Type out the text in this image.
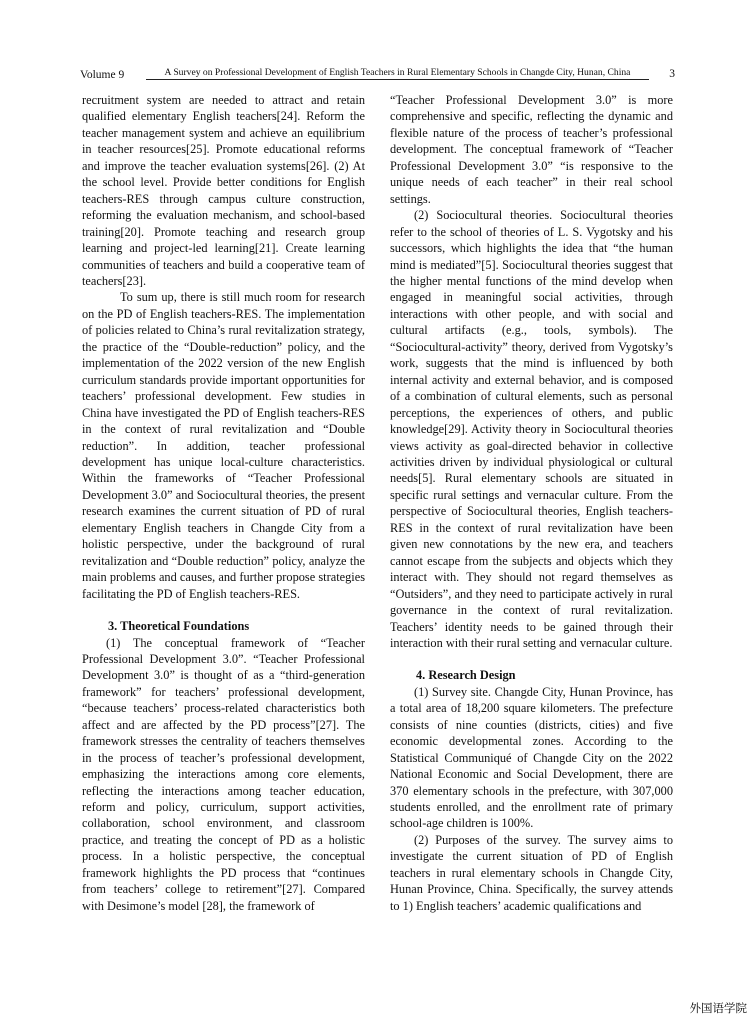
Volume 9	A Survey on Professional Development of English Teachers in Rural Elementary Schools in Changde City, Hunan, China	3

recruitment system are needed to attract and retain qualified elementary English teachers[24]. Reform the teacher management system and achieve an equilibrium in teacher resources[25]. Promote educational reforms and improve the teacher evaluation systems[26]. (2) At the school level. Provide better conditions for English teachers-RES through campus culture construction, reforming the evaluation mechanism, and school-based training[20]. Promote teaching and research group learning and project-led learning[21]. Create learning communities of teachers and build a cooperative team of teachers[23].

To sum up, there is still much room for research on the PD of English teachers-RES. The implementation of policies related to China’s rural revitalization strategy, the practice of the “Double-reduction” policy, and the implementation of the 2022 version of the new English curriculum standards provide important opportunities for teachers’ professional development. Few studies in China have investigated the PD of English teachers-RES in the context of rural revitalization and “Double reduction”. In addition, teacher professional development has unique local-culture characteristics. Within the frameworks of “Teacher Professional Development 3.0” and Sociocultural theories, the present research examines the current situation of PD of rural elementary English teachers in Changde City from a holistic perspective, under the background of rural revitalization and “Double reduction” policy, analyze the main problems and causes, and further propose strategies facilitating the PD of English teachers-RES.

3. Theoretical Foundations

(1) The conceptual framework of “Teacher Professional Development 3.0”. “Teacher Professional Development 3.0” is thought of as a “third-generation framework” for teachers’ professional development, “because teachers’ process-related characteristics both affect and are affected by the PD process”[27]. The framework stresses the centrality of teachers themselves in the process of teacher’s professional development, emphasizing the interactions among core elements, reflecting the interactions among teacher education, reform and policy, curriculum, support activities, collaboration, school environment, and classroom practice, and treating the concept of PD as a holistic process. In a holistic perspective, the conceptual framework highlights the PD process that “continues from teachers’ college to retirement”[27]. Compared with Desimone’s model [28], the framework of

“Teacher Professional Development 3.0” is more comprehensive and specific, reflecting the dynamic and flexible nature of the process of teacher’s professional development. The conceptual framework of “Teacher Professional Development 3.0” “is responsive to the unique needs of each teacher” in their real school settings.

(2) Sociocultural theories. Sociocultural theories refer to the school of theories of L. S. Vygotsky and his successors, which highlights the idea that “the human mind is mediated”[5]. Sociocultural theories suggest that the higher mental functions of the mind develop when engaged in meaningful social activities, through interactions with other people, and with social and cultural artifacts (e.g., tools, symbols). The “Sociocultural-activity” theory, derived from Vygotsky’s work, suggests that the mind is influenced by both internal activity and external behavior, and is composed of a combination of cultural elements, such as personal perceptions, the experiences of others, and public knowledge[29]. Activity theory in Sociocultural theories views activity as goal-directed behavior in collective activities driven by individual physiological or cultural needs[5]. Rural elementary schools are situated in specific rural settings and vernacular culture. From the perspective of Sociocultural theories, English teachers-RES in the context of rural revitalization have been given new connotations by the new era, and teachers cannot escape from the subjects and objects which they interact with. They should not regard themselves as “Outsiders”, and they need to participate actively in rural governance in the context of rural revitalization. Teachers’ identity needs to be gained through their interaction with their rural setting and vernacular culture.

4. Research Design

(1) Survey site. Changde City, Hunan Province, has a total area of 18,200 square kilometers. The prefecture consists of nine counties (districts, cities) and five economic developmental zones. According to the Statistical Communiqué of Changde City on the 2022 National Economic and Social Development, there are 370 elementary schools in the prefecture, with 307,000 students enrolled, and the enrollment rate of primary school-age children is 100%.

(2) Purposes of the survey. The survey aims to investigate the current situation of PD of English teachers in rural elementary schools in Changde City, Hunan Province, China. Specifically, the survey attends to 1) English teachers’ academic qualifications and

外国语学院
